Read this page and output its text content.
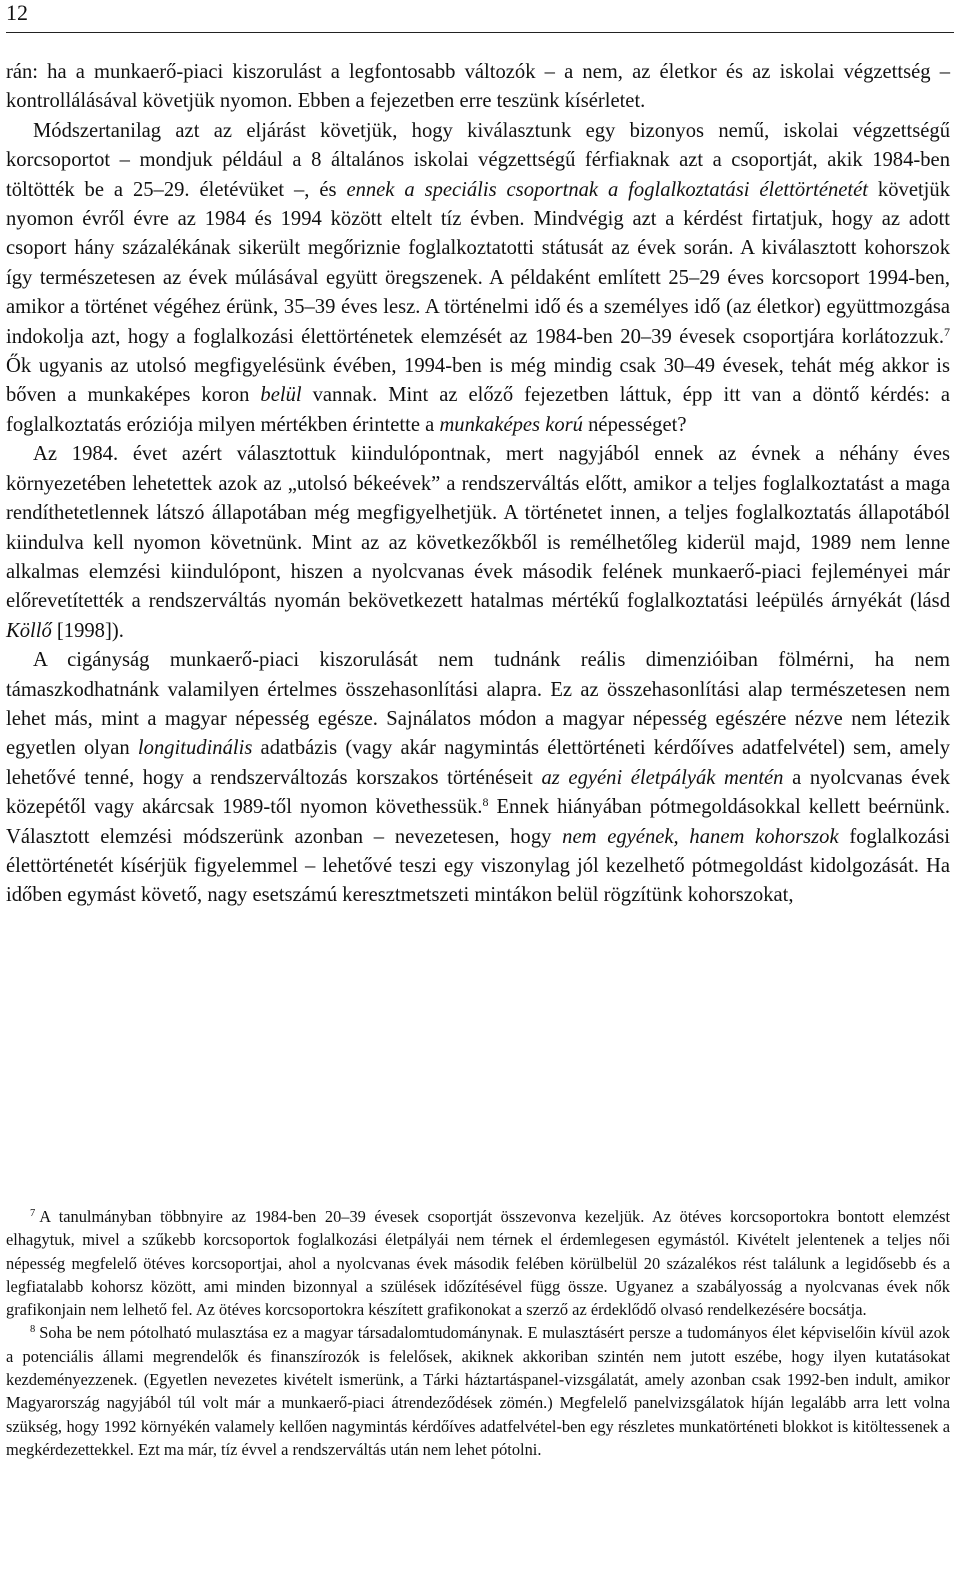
12

rán: ha a munkaerő-piaci kiszorulást a legfontosabb változók – a nem, az életkor és az iskolai végzettség – kontrollálásával követjük nyomon. Ebben a fejezetben erre teszünk kísérletet.

Módszertanilag azt az eljárást követjük, hogy kiválasztunk egy bizonyos nemű, iskolai végzettségű korcsoportot – mondjuk például a 8 általános iskolai végzettségű férfiaknak azt a csoportját, akik 1984-ben töltötték be a 25–29. életévüket –, és ennek a speciális csoportnak a foglalkoztatási élettörténetét követjük nyomon évről évre az 1984 és 1994 között eltelt tíz évben. Mindvégig azt a kérdést firtatjuk, hogy az adott csoport hány százalékának sikerült megőriznie foglalkoztatotti státusát az évek során. A kiválasztott kohorszok így természetesen az évek múlásával együtt öregszenek. A példaként említett 25–29 éves korcsoport 1994-ben, amikor a történet végéhez érünk, 35–39 éves lesz. A történelmi idő és a személyes idő (az életkor) együttmozgása indokolja azt, hogy a foglalkozási élettörténetek elemzését az 1984-ben 20–39 évesek csoportjára korlátozzuk.$^7$ Ők ugyanis az utolsó megfigyelésünk évében, 1994-ben is még mindig csak 30–49 évesek, tehát még akkor is bőven a munkaképes koron belül vannak. Mint az előző fejezetben láttuk, épp itt van a döntő kérdés: a foglalkoztatás eróziója milyen mértékben érintette a munkaképes korú népességet?

Az 1984. évet azért választottuk kiindulópontnak, mert nagyjából ennek az évnek a néhány éves környezetében lehetettek azok az „utolsó békeévek” a rendszerváltás előtt, amikor a teljes foglalkoztatást a maga rendíthetetlennek látszó állapotában még megfigyelhetjük. A történetet innen, a teljes foglalkoztatás állapotából kiindulva kell nyomon követnünk. Mint az az következőkből is remélhetőleg kiderül majd, 1989 nem lenne alkalmas elemzési kiindulópont, hiszen a nyolcvanas évek második felének munkaerő-piaci fejleményei már előrevetítették a rendszerváltás nyomán bekövetkezett hatalmas mértékű foglalkoztatási leépülés árnyékát (lásd Köllő [1998]).

A cigányság munkaerő-piaci kiszorulását nem tudnánk reális dimenzióiban fölmérni, ha nem támaszkodhatnánk valamilyen értelmes összehasonlítási alapra. Ez az összehasonlítási alap természetesen nem lehet más, mint a magyar népesség egésze. Sajnálatos módon a magyar népesség egészére nézve nem létezik egyetlen olyan longitudinális adatbázis (vagy akár nagymintás élettörténeti kérdőíves adatfelvétel) sem, amely lehetővé tenné, hogy a rendszerváltozás korszakos történéseit az egyéni életpályák mentén a nyolcvanas évek közepétől vagy akárcsak 1989-től nyomon követhessük.$^8$ Ennek hiányában pótmegoldásokkal kellett beérnünk. Választott elemzési módszerünk azonban – nevezetesen, hogy nem egyének, hanem kohorszok foglalkozási élettörténetét kísérjük figyelemmel – lehetővé teszi egy viszonylag jól kezelhető pótmegoldást kidolgozását. Ha időben egymást követő, nagy esetszámú keresztmetszeti mintákon belül rögzítünk kohorszokat,

$^7$ A tanulmányban többnyire az 1984-ben 20–39 évesek csoportját összevonva kezeljük. Az ötéves korcsoportokra bontott elemzést elhagytuk, mivel a szűkebb korcsoportok foglalkozási életpályái nem térnek el érdemlegesen egymástól. Kivételt jelentenek a teljes női népesség megfelelő ötéves korcsoportjai, ahol a nyolcvanas évek második felében körülbelül 20 százalékos rést találunk a legidősebb és a legfiatalabb kohorsz között, ami minden bizonnyal a szülések időzítésével függ össze. Ugyanez a szabályosság a nyolcvanas évek nők grafikonjain nem lelhető fel. Az ötéves korcsoportokra készített grafikonokat a szerző az érdeklődő olvasó rendelkezésére bocsátja.

$^8$ Soha be nem pótolható mulasztása ez a magyar társadalomtudománynak. E mulasztásért persze a tudományos élet képviselőin kívül azok a potenciális állami megrendelők és finanszírozók is felelősek, akiknek akkoriban szintén nem jutott eszébe, hogy ilyen kutatásokat kezdeményezzenek. (Egyetlen nevezetes kivételt ismerünk, a Tárki háztartáspanel-vizsgálatát, amely azonban csak 1992-ben indult, amikor Magyarország nagyjából túl volt már a munkaerő-piaci átrendeződések zömén.) Megfelelő panelvizsgálatok híján legalább arra lett volna szükség, hogy 1992 környékén valamely kellően nagymintás kérdőíves adatfelvétel-ben egy részletes munkatörténeti blokkot is kitöltessenek a megkérdezettekkel. Ezt ma már, tíz évvel a rendszerváltás után nem lehet pótolni.
